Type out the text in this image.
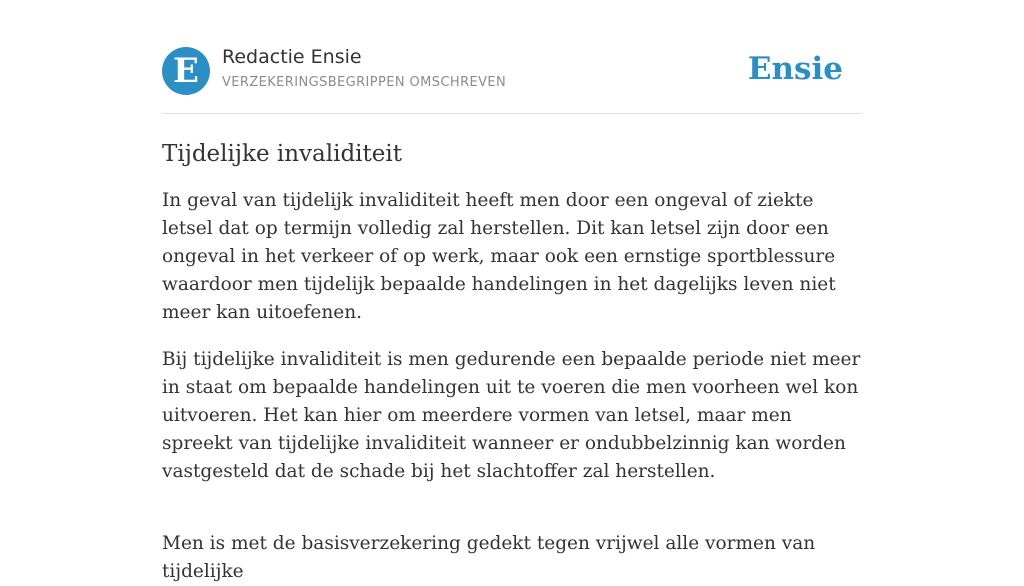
E	Redactie Ensie
VERZEKERINGSBEGRIPPEN OMSCHREVEN	Ensie
Tijdelijke invaliditeit

In geval van tijdelijk invaliditeit heeft men door een ongeval of ziekte letsel dat op termijn volledig zal herstellen. Dit kan letsel zijn door een ongeval in het verkeer of op werk, maar ook een ernstige sportblessure waardoor men tijdelijk bepaalde handelingen in het dagelijks leven niet meer kan uitoefenen.

Bij tijdelijke invaliditeit is men gedurende een bepaalde periode niet meer in staat om bepaalde handelingen uit te voeren die men voorheen wel kon uitvoeren. Het kan hier om meerdere vormen van letsel, maar men spreekt van tijdelijke invaliditeit wanneer er ondubbelzinnig kan worden vastgesteld dat de schade bij het slachtoffer zal herstellen.

Men is met de basisverzekering gedekt tegen vrijwel alle vormen van tijdelijke
